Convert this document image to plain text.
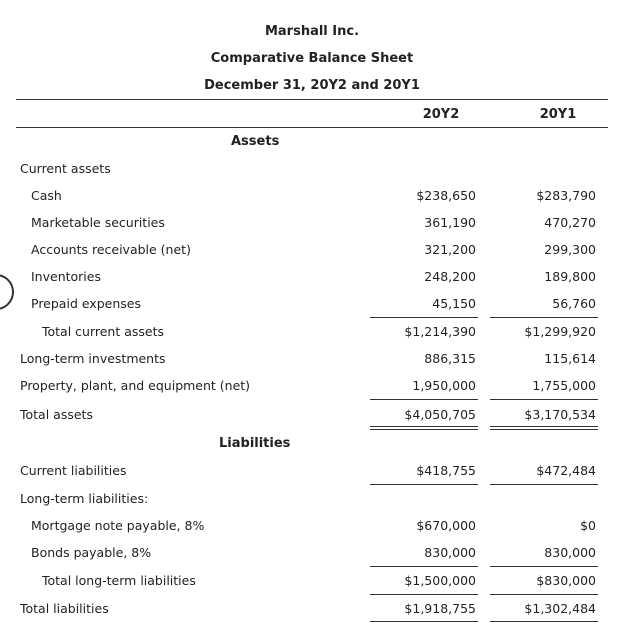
Marshall Inc.
Comparative Balance Sheet
December 31, 20Y2 and 20Y1
20Y2	20Y1
Assets
Current assets
Cash	$238,650	$283,790
Marketable securities	361,190	470,270
Accounts receivable (net)	321,200	299,300
Inventories	248,200	189,800
Prepaid expenses	45,150	56,760
Total current assets	$1,214,390	$1,299,920
Long-term investments	886,315	115,614
Property, plant, and equipment (net)	1,950,000	1,755,000
Total assets	$4,050,705	$3,170,534
Liabilities
Current liabilities	$418,755	$472,484
Long-term liabilities:
Mortgage note payable, 8%	$670,000	$0
Bonds payable, 8%	830,000	830,000
Total long-term liabilities	$1,500,000	$830,000
Total liabilities	$1,918,755	$1,302,484
